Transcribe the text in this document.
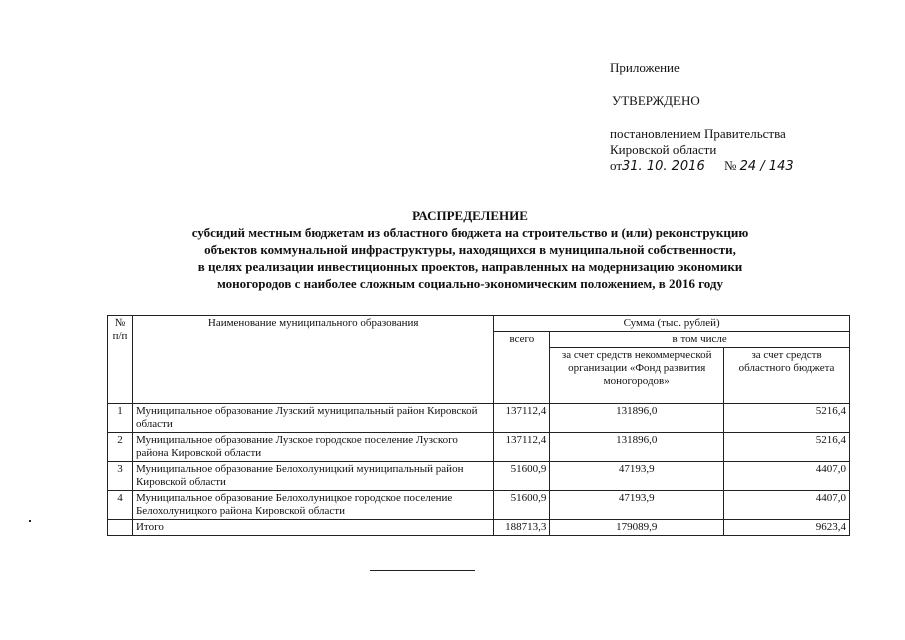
Приложение
УТВЕРЖДЕНО
постановлением Правительства
Кировской области
от31. 10. 2016 № 24 / 143
РАСПРЕДЕЛЕНИЕ
субсидий местным бюджетам из областного бюджета на строительство и (или) реконструкцию
объектов коммунальной инфраструктуры, находящихся в муниципальной собственности,
в целях реализации инвестиционных проектов, направленных на модернизацию экономики
моногородов с наиболее сложным социально-экономическим положением, в 2016 году
№ п/п	Наименование муниципального образования	Сумма (тыс. рублей)		
		всего	в том числе	
			за счет средств некоммерческой организации «Фонд развития моногородов»	за счет средств областного бюджета
1	Муниципальное образование Лузский муниципальный район Кировской области	137112,4	131896,0	5216,4
2	Муниципальное образование Лузское городское поселение Лузского района Кировской области	137112,4	131896,0	5216,4
3	Муниципальное образование Белохолуницкий муниципальный район Кировской области	51600,9	47193,9	4407,0
4	Муниципальное образование Белохолуницкое городское поселение Белохолуницкого района Кировской области	51600,9	47193,9	4407,0
	Итого	188713,3	179089,9	9623,4
